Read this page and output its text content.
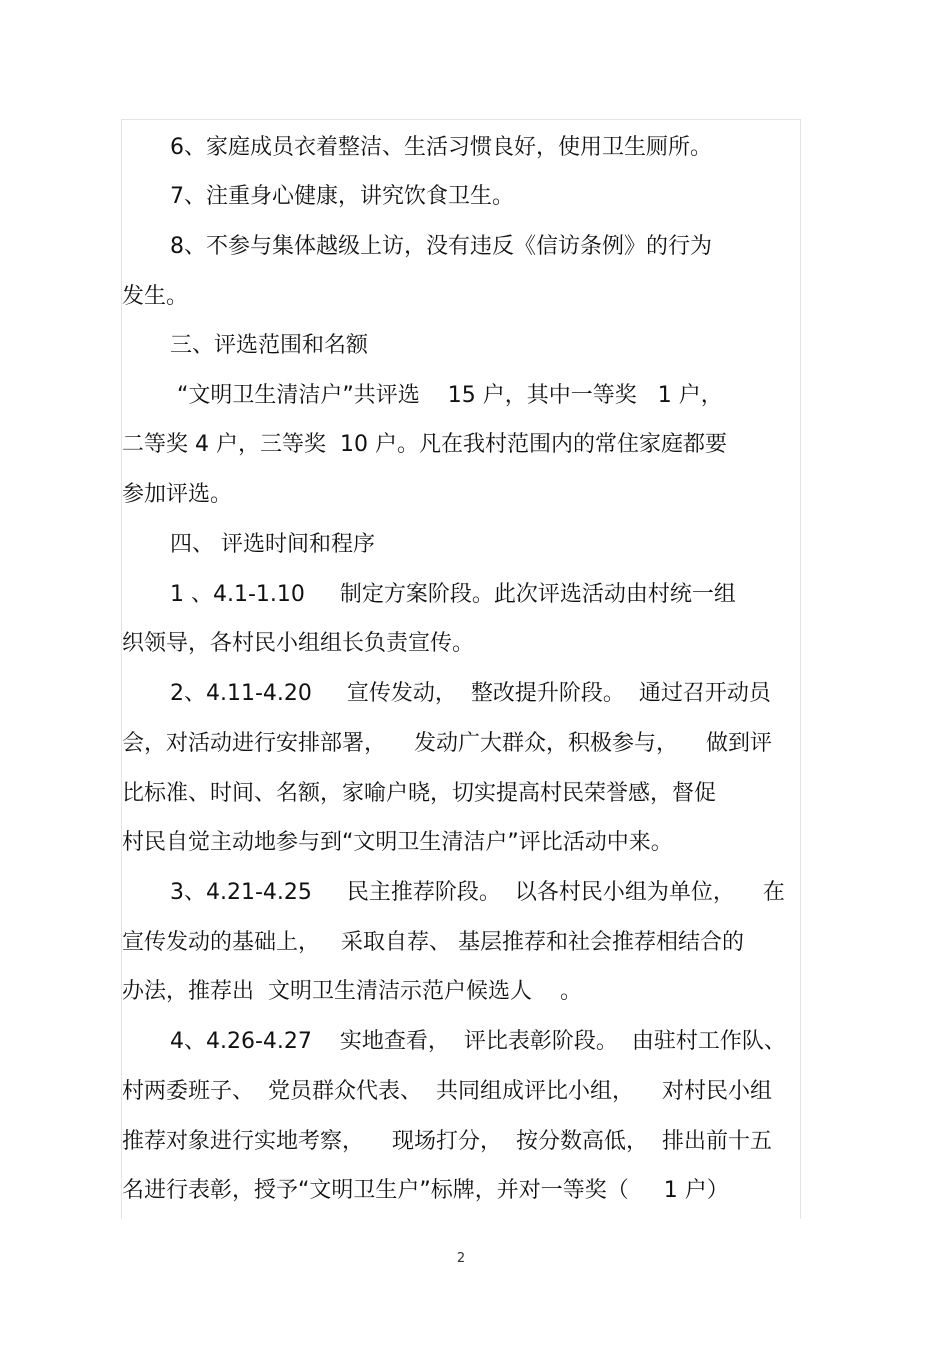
6、家庭成员衣着整洁、生活习惯良好，使用卫生厕所。
7、注重身心健康，讲究饮食卫生。
8、不参与集体越级上访，没有违反《信访条例》的行为
发生。
三、评选范围和名额
“文明卫生清洁户”共评选    15 户，其中一等奖   1 户，
二等奖 4 户，三等奖  10 户。凡在我村范围内的常住家庭都要
参加评选。
四、 评选时间和程序
1 、4.1-1.10     制定方案阶段。此次评选活动由村统一组
织领导，各村民小组组长负责宣传。
2、4.11-4.20     宣传发动，  整改提升阶段。  通过召开动员
会，对活动进行安排部署，    发动广大群众，积极参与，    做到评
比标准、时间、名额，家喻户晓，切实提高村民荣誉感，督促
村民自觉主动地参与到“文明卫生清洁户”评比活动中来。
3、4.21-4.25     民主推荐阶段。  以各村民小组为单位，    在
宣传发动的基础上，   采取自荐、 基层推荐和社会推荐相结合的
办法，推荐出  文明卫生清洁示范户候选人    。
4、4.26-4.27    实地查看，  评比表彰阶段。  由驻村工作队、
村两委班子、  党员群众代表、  共同组成评比小组，    对村民小组
推荐对象进行实地考察，    现场打分，  按分数高低，  排出前十五
名进行表彰，授予“文明卫生户”标牌，并对一等奖（     1 户）
2
